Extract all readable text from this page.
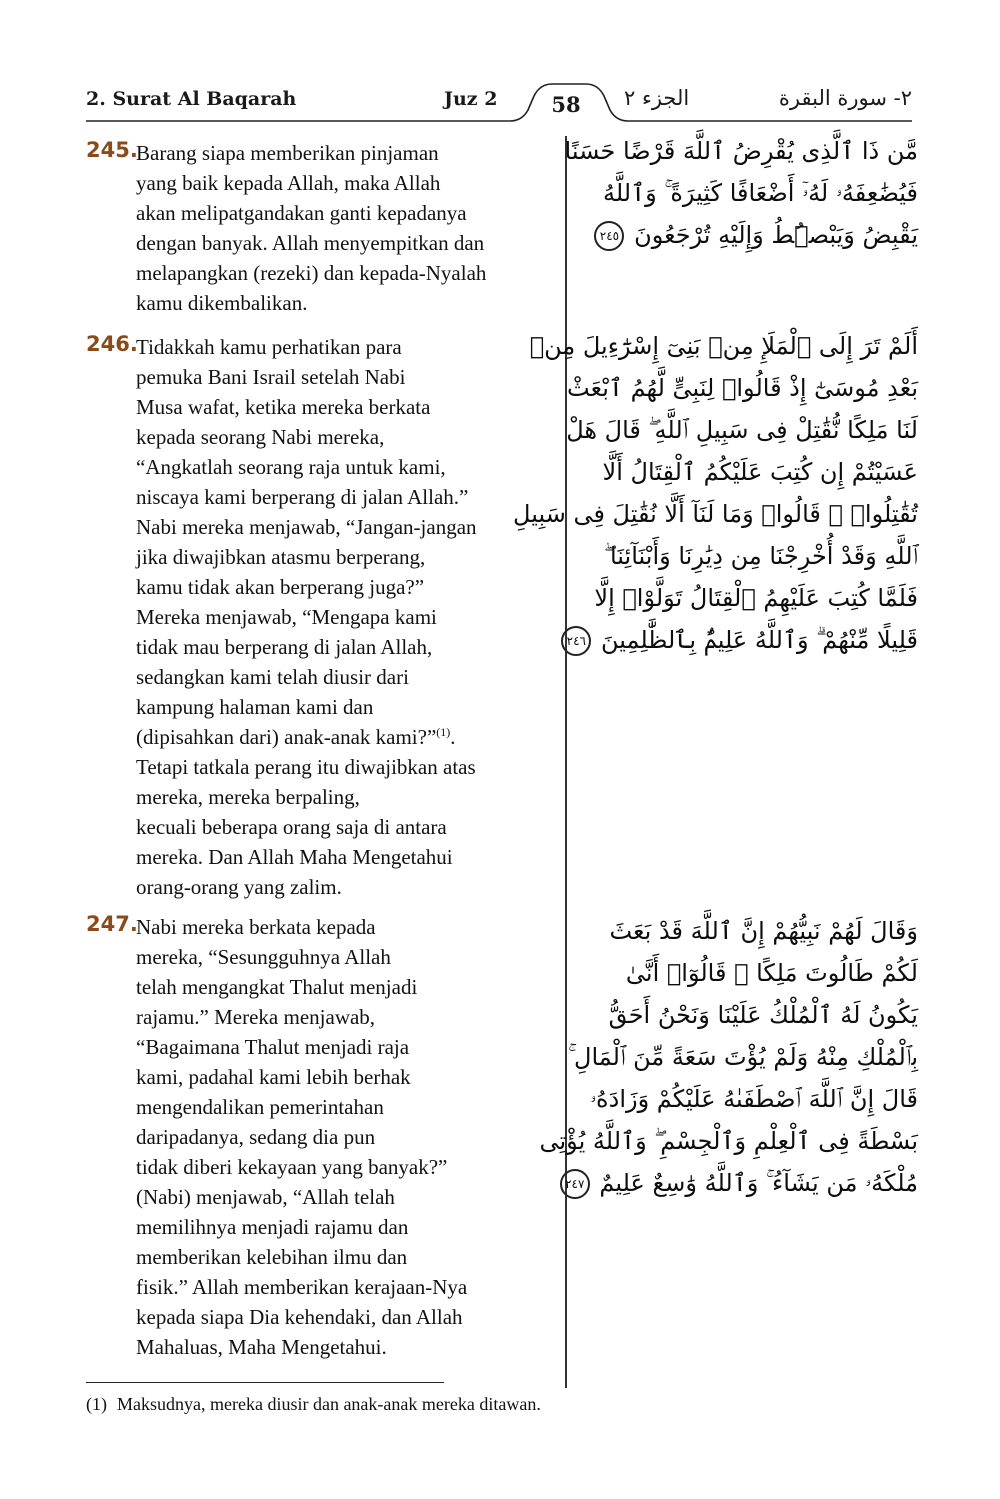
2. Surat Al Baqarah	Juz 2	58	الجزء ٢	٢- سورة البقرة
245.

Barang siapa memberikan pinjaman

yang baik kepada Allah, maka Allah

akan melipatgandakan ganti kepadanya

dengan banyak. Allah menyempitkan dan

melapangkan (rezeki) dan kepada-Nyalah

kamu dikembalikan.

مَّن ذَا ٱلَّذِى يُقْرِضُ ٱللَّهَ قَرْضًا حَسَنًا

فَيُضَٰعِفَهُۥ لَهُۥٓ أَضْعَافًا كَثِيرَةً ۚ وَٱللَّهُ

يَقْبِضُ وَيَبْصُۜطُ وَإِلَيْهِ تُرْجَعُونَ ٢٤٥

246.

Tidakkah kamu perhatikan para

pemuka Bani Israil setelah Nabi

Musa wafat, ketika mereka berkata

kepada seorang Nabi mereka,

“Angkatlah seorang raja untuk kami,

niscaya kami berperang di jalan Allah.”

Nabi mereka menjawab, “Jangan-jangan

jika diwajibkan atasmu berperang,

kamu tidak akan berperang juga?”

Mereka menjawab, “Mengapa kami

tidak mau berperang di jalan Allah,

sedangkan kami telah diusir dari

kampung halaman kami dan

(dipisahkan dari) anak-anak kami?”$^{(1)}$.

Tetapi tatkala perang itu diwajibkan atas

mereka, mereka berpaling,

kecuali beberapa orang saja di antara

mereka. Dan Allah Maha Mengetahui

orang-orang yang zalim.

أَلَمْ تَرَ إِلَى ٱلْمَلَإِ مِنۢ بَنِىٓ إِسْرَٰٓءِيلَ مِنۢ

بَعْدِ مُوسَىٰٓ إِذْ قَالُوا۟ لِنَبِىٍّ لَّهُمُ ٱبْعَثْ

لَنَا مَلِكًا نُّقَٰتِلْ فِى سَبِيلِ ٱللَّهِ ۖ قَالَ هَلْ

عَسَيْتُمْ إِن كُتِبَ عَلَيْكُمُ ٱلْقِتَالُ أَلَّا

تُقَٰتِلُوا۟ ۖ قَالُوا۟ وَمَا لَنَآ أَلَّا نُقَٰتِلَ فِى سَبِيلِ

ٱللَّهِ وَقَدْ أُخْرِجْنَا مِن دِيَٰرِنَا وَأَبْنَآئِنَا ۖ

فَلَمَّا كُتِبَ عَلَيْهِمُ ٱلْقِتَالُ تَوَلَّوْا۟ إِلَّا

قَلِيلًا مِّنْهُمْ ۗ وَٱللَّهُ عَلِيمٌۢ بِٱلظَّٰلِمِينَ ٢٤٦

247.

Nabi mereka berkata kepada

mereka, “Sesungguhnya Allah

telah mengangkat Thalut menjadi

rajamu.” Mereka menjawab,

“Bagaimana Thalut menjadi raja

kami, padahal kami lebih berhak

mengendalikan pemerintahan

daripadanya, sedang dia pun

tidak diberi kekayaan yang banyak?”

(Nabi) menjawab, “Allah telah

memilihnya menjadi rajamu dan

memberikan kelebihan ilmu dan

fisik.” Allah memberikan kerajaan-Nya

kepada siapa Dia kehendaki, dan Allah

Mahaluas, Maha Mengetahui.

وَقَالَ لَهُمْ نَبِيُّهُمْ إِنَّ ٱللَّهَ قَدْ بَعَثَ

لَكُمْ طَالُوتَ مَلِكًا ۚ قَالُوٓا۟ أَنَّىٰ

يَكُونُ لَهُ ٱلْمُلْكُ عَلَيْنَا وَنَحْنُ أَحَقُّ

بِٱلْمُلْكِ مِنْهُ وَلَمْ يُؤْتَ سَعَةً مِّنَ ٱلْمَالِ ۚ

قَالَ إِنَّ ٱللَّهَ ٱصْطَفَىٰهُ عَلَيْكُمْ وَزَادَهُۥ

بَسْطَةً فِى ٱلْعِلْمِ وَٱلْجِسْمِ ۖ وَٱللَّهُ يُؤْتِى

مُلْكَهُۥ مَن يَشَآءُ ۚ وَٱللَّهُ وَٰسِعٌ عَلِيمٌ ٢٤٧

(1) Maksudnya, mereka diusir dan anak-anak mereka ditawan.
